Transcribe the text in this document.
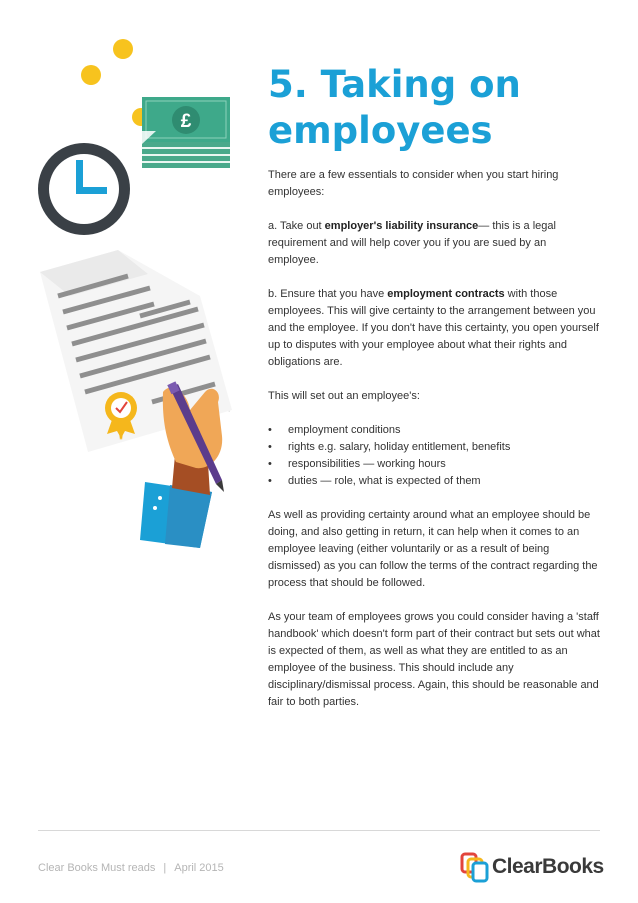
£
5. Taking on employees

There are a few essentials to consider when you start hiring employees:

a. Take out employer's liability insurance— this is a legal requirement and will help cover you if you are sued by an employee.

b. Ensure that you have employment contracts with those employees. This will give certainty to the arrangement between you and the employee. If you don't have this certainty, you open yourself up to disputes with your employee about what their rights and obligations are.

This will set out an employee's:

• employment conditions
• rights e.g. salary, holiday entitlement, benefits
• responsibilities — working hours
• duties — role, what is expected of them

As well as providing certainty around what an employee should be doing, and also getting in return, it can help when it comes to an employee leaving (either voluntarily or as a result of being dismissed) as you can follow the terms of the contract regarding the process that should be followed.

As your team of employees grows you could consider having a 'staff handbook' which doesn't form part of their contract but sets out what is expected of them, as well as what they are entitled to as an employee of the business. This should include any disciplinary/dismissal process. Again, this should be reasonable and fair to both parties.

Clear Books Must reads | April 2015	ClearBooks
